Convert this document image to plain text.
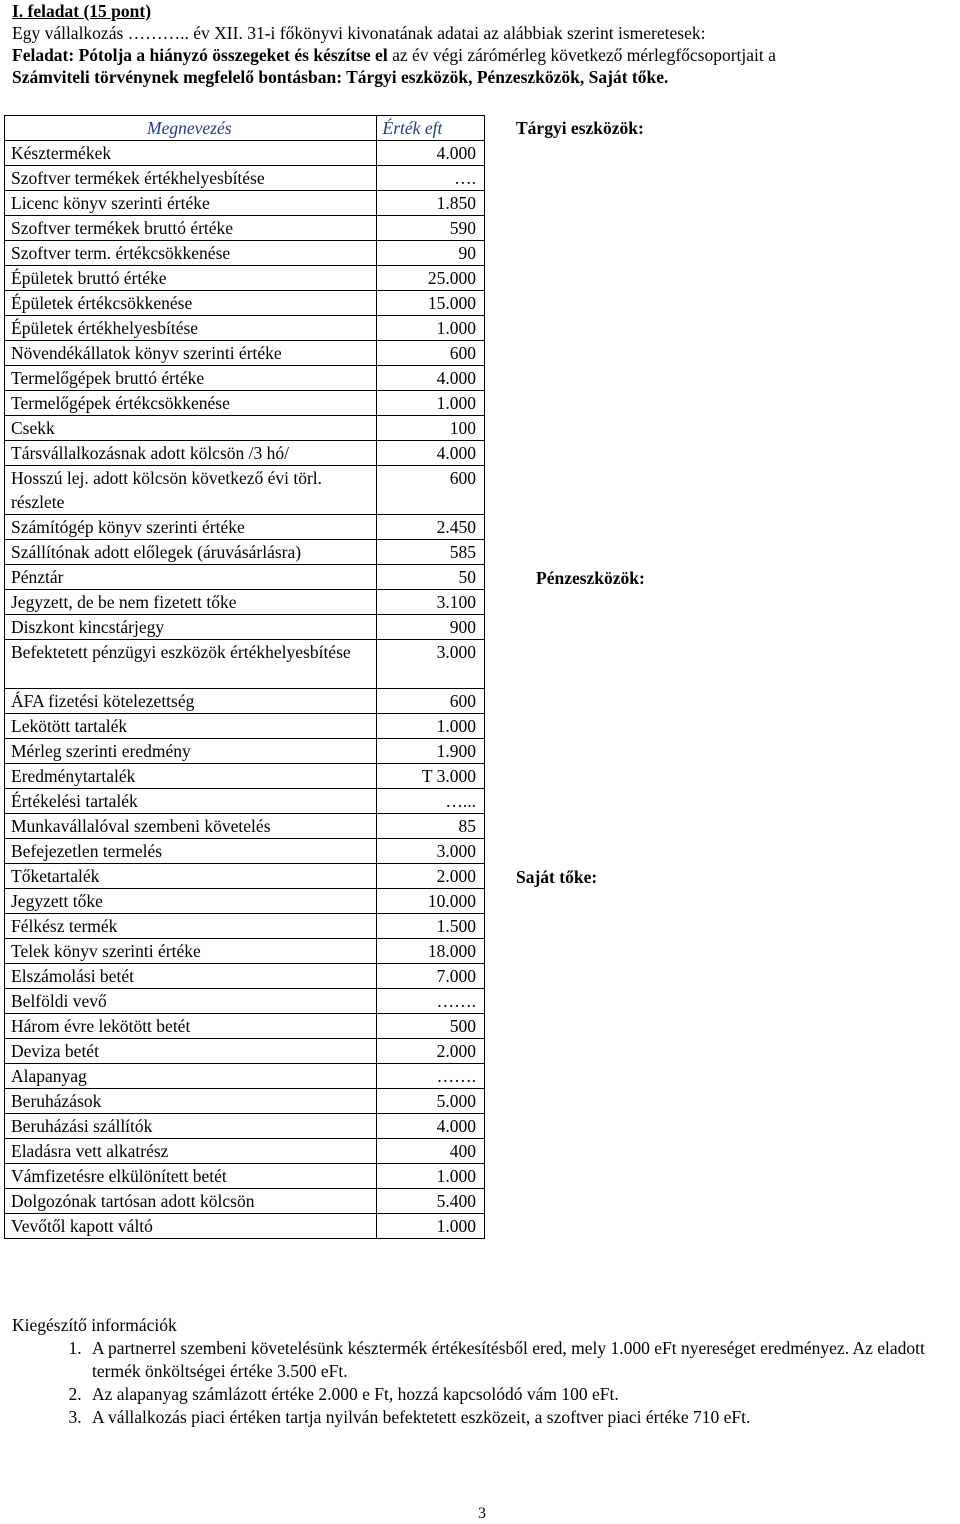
I. feladat (15 pont)
Egy vállalkozás ……….. év XII. 31-i főkönyvi kivonatának adatai az alábbiak szerint ismeretesek:
Feladat: Pótolja a hiányzó összegeket és készítse el az év végi zárómérleg következő mérlegfőcsoportjait a
Számviteli törvénynek megfelelő bontásban: Tárgyi eszközök, Pénzeszközök, Saját tőke.
Megnevezés	Érték eft
Késztermékek	4.000
Szoftver termékek értékhelyesbítése	….
Licenc könyv szerinti értéke	1.850
Szoftver termékek bruttó értéke	590
Szoftver term. értékcsökkenése	90
Épületek bruttó értéke	25.000
Épületek értékcsökkenése	15.000
Épületek értékhelyesbítése	1.000
Növendékállatok könyv szerinti értéke	600
Termelőgépek bruttó értéke	4.000
Termelőgépek értékcsökkenése	1.000
Csekk	100
Társvállalkozásnak adott kölcsön /3 hó/	4.000
Hosszú lej. adott kölcsön következő évi törl. részlete	600
Számítógép könyv szerinti értéke	2.450
Szállítónak adott előlegek (áruvásárlásra)	585
Pénztár	50
Jegyzett, de be nem fizetett tőke	3.100
Diszkont kincstárjegy	900
Befektetett pénzügyi eszközök értékhelyesbítése	3.000
ÁFA fizetési kötelezettség	600
Lekötött tartalék	1.000
Mérleg szerinti eredmény	1.900
Eredménytartalék	T 3.000
Értékelési tartalék	…...
Munkavállalóval szembeni követelés	85
Befejezetlen termelés	3.000
Tőketartalék	2.000
Jegyzett tőke	10.000
Félkész termék	1.500
Telek könyv szerinti értéke	18.000
Elszámolási betét	7.000
Belföldi vevő	…….
Három évre lekötött betét	500
Deviza betét	2.000
Alapanyag	…….
Beruházások	5.000
Beruházási szállítók	4.000
Eladásra vett alkatrész	400
Vámfizetésre elkülönített betét	1.000
Dolgozónak tartósan adott kölcsön	5.400
Vevőtől kapott váltó	1.000
Tárgyi eszközök:
Pénzeszközök:
Saját tőke:
Kiegészítő információk
1. A partnerrel szembeni követelésünk késztermék értékesítésből ered, mely 1.000 eFt nyereséget eredményez. Az eladott termék önköltségei értéke 3.500 eFt.
2. Az alapanyag számlázott értéke 2.000 e Ft, hozzá kapcsolódó vám 100 eFt.
3. A vállalkozás piaci értéken tartja nyilván befektetett eszközeit, a szoftver piaci értéke 710 eFt.
3
